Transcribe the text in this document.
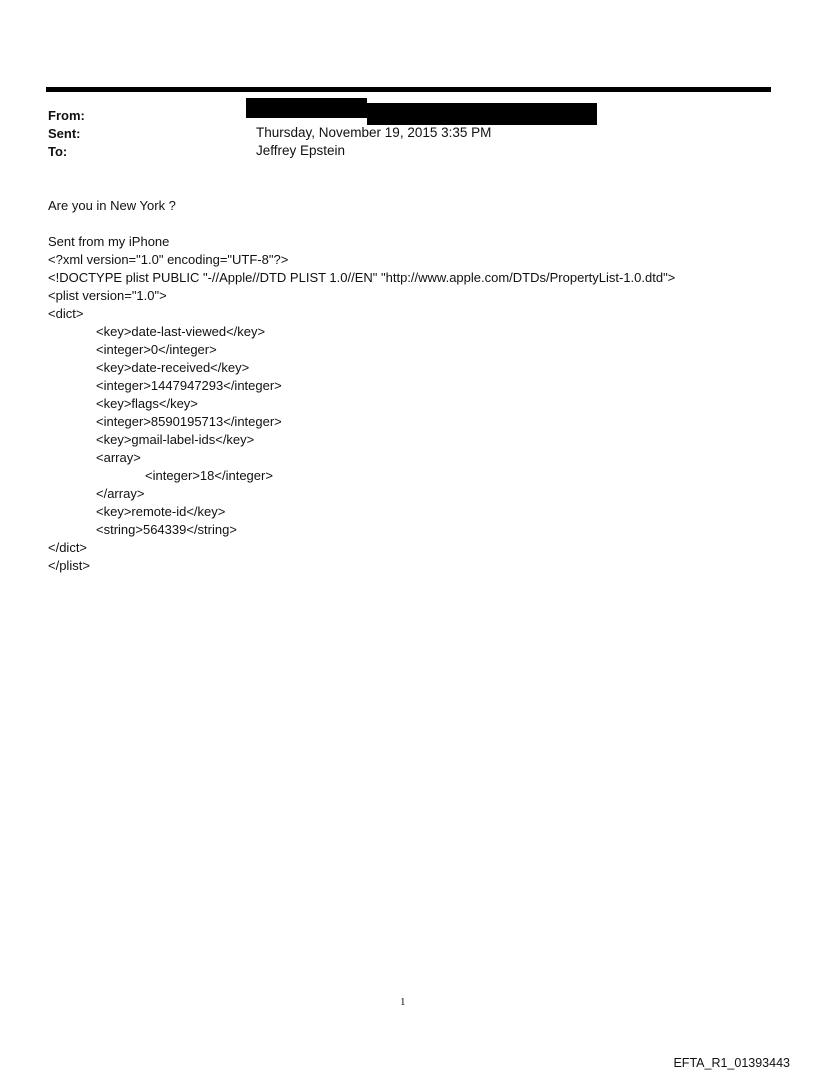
From:
Sent:	Thursday, November 19, 2015 3:35 PM
To:	Jeffrey Epstein
Are you in New York ?
Sent from my iPhone
<?xml version="1.0" encoding="UTF-8"?>
<!DOCTYPE plist PUBLIC "-//Apple//DTD PLIST 1.0//EN" "http://www.apple.com/DTDs/PropertyList-1.0.dtd">
<plist version="1.0">
<dict>
<key>date-last-viewed</key>
<integer>0</integer>
<key>date-received</key>
<integer>1447947293</integer>
<key>flags</key>
<integer>8590195713</integer>
<key>gmail-label-ids</key>
<array>
<integer>18</integer>
</array>
<key>remote-id</key>
<string>564339</string>
</dict>
</plist>
1
EFTA_R1_01393443
